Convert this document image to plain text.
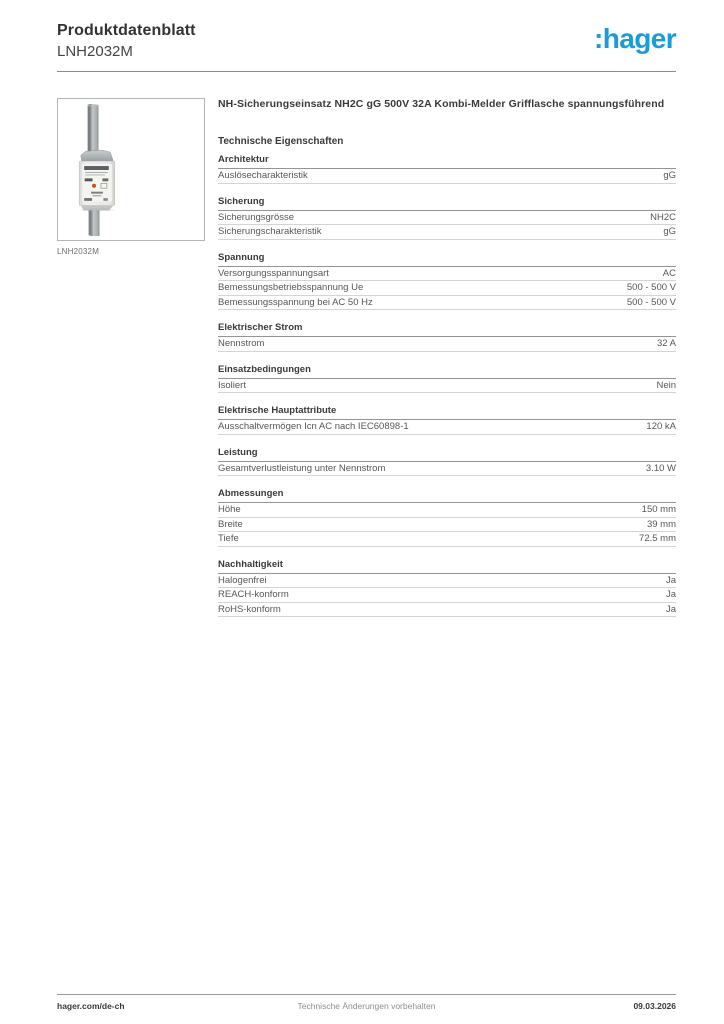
Produktdatenblatt
LNH2032M	:hager
LNH2032M
NH-Sicherungseinsatz NH2C gG 500V 32A Kombi-Melder Grifflasche spannungsführend
Technische Eigenschaften
Architektur
Auslösecharakteristik	gG
Sicherung
Sicherungsgrösse	NH2C
Sicherungscharakteristik	gG
Spannung
Versorgungsspannungsart	AC
Bemessungsbetriebsspannung Ue	500 - 500 V
Bemessungsspannung bei AC 50 Hz	500 - 500 V
Elektrischer Strom
Nennstrom	32 A
Einsatzbedingungen
Isoliert	Nein
Elektrische Hauptattribute
Ausschaltvermögen Icn AC nach IEC60898-1	120 kA
Leistung
Gesamtverlustleistung unter Nennstrom	3.10 W
Abmessungen
Höhe	150 mm
Breite	39 mm
Tiefe	72.5 mm
Nachhaltigkeit
Halogenfrei	Ja
REACH-konform	Ja
RoHS-konform	Ja
hager.com/de-ch	Technische Änderungen vorbehalten	09.03.2026
